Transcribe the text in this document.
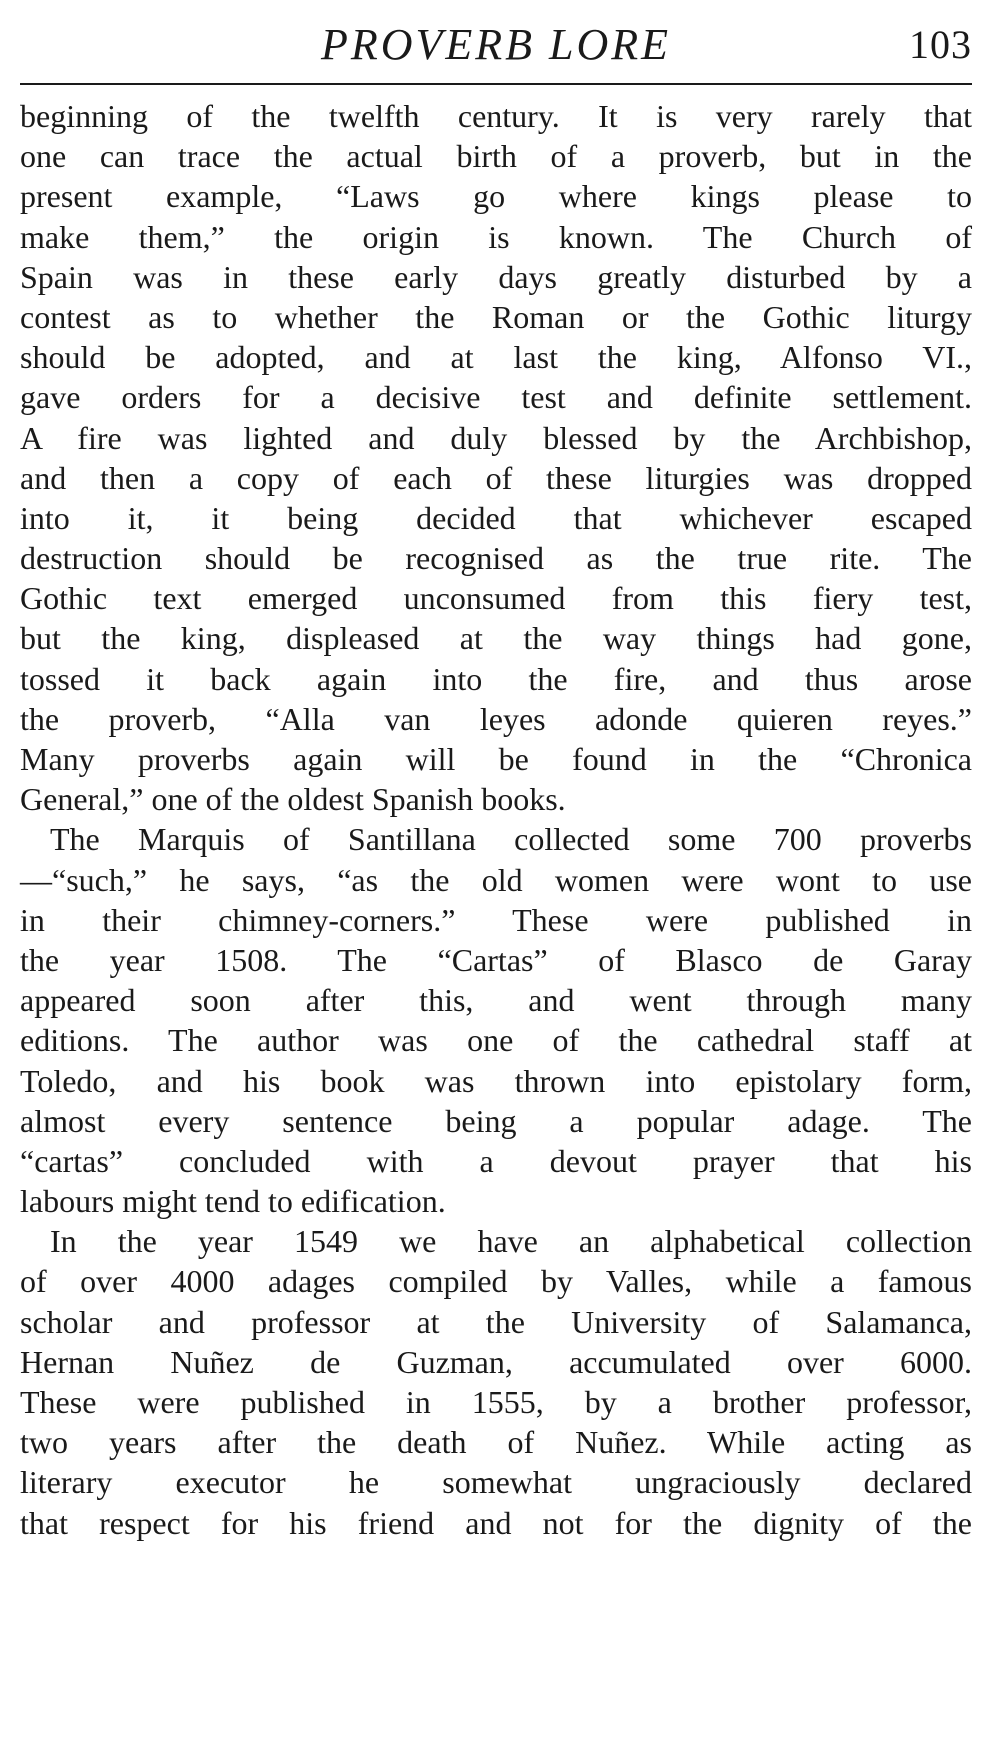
PROVERB LORE	103
beginning of the twelfth century. It is very rarely that
one can trace the actual birth of a proverb, but in the
present example, “Laws go where kings please to
make them,” the origin is known. The Church of
Spain was in these early days greatly disturbed by a
contest as to whether the Roman or the Gothic liturgy
should be adopted, and at last the king, Alfonso VI.,
gave orders for a decisive test and definite settlement.
A fire was lighted and duly blessed by the Archbishop,
and then a copy of each of these liturgies was dropped
into it, it being decided that whichever escaped
destruction should be recognised as the true rite. The
Gothic text emerged unconsumed from this fiery test,
but the king, displeased at the way things had gone,
tossed it back again into the fire, and thus arose
the proverb, “Alla van leyes adonde quieren reyes.”
Many proverbs again will be found in the “Chronica
General,” one of the oldest Spanish books.
The Marquis of Santillana collected some 700 proverbs
—“such,” he says, “as the old women were wont to use
in their chimney-corners.” These were published in
the year 1508. The “Cartas” of Blasco de Garay
appeared soon after this, and went through many
editions. The author was one of the cathedral staff at
Toledo, and his book was thrown into epistolary form,
almost every sentence being a popular adage. The
“cartas” concluded with a devout prayer that his
labours might tend to edification.
In the year 1549 we have an alphabetical collection
of over 4000 adages compiled by Valles, while a famous
scholar and professor at the University of Salamanca,
Hernan Nuñez de Guzman, accumulated over 6000.
These were published in 1555, by a brother professor,
two years after the death of Nuñez. While acting as
literary executor he somewhat ungraciously declared
that respect for his friend and not for the dignity of the
